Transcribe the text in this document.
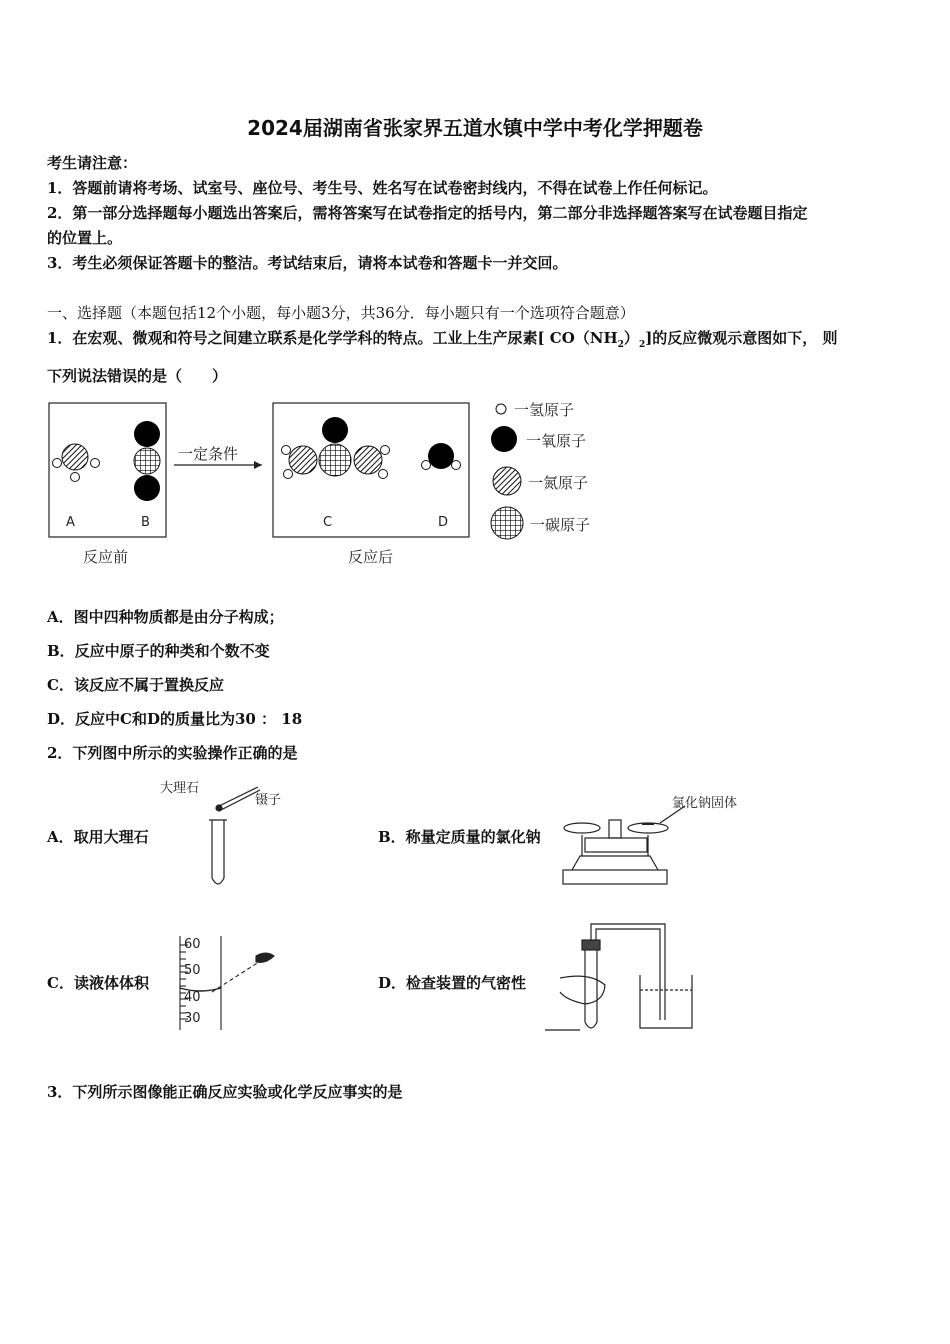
2024届湖南省张家界五道水镇中学中考化学押题卷
考生请注意：
1．答题前请将考场、试室号、座位号、考生号、姓名写在试卷密封线内，不得在试卷上作任何标记。
2．第一部分选择题每小题选出答案后，需将答案写在试卷指定的括号内，第二部分非选择题答案写在试卷题目指定
的位置上。
3．考生必须保证答题卡的整洁。考试结束后，请将本试卷和答题卡一并交回。
一、选择题（本题包括12个小题，每小题3分，共36分．每小题只有一个选项符合题意）
1．在宏观、微观和符号之间建立联系是化学学科的特点。工业上生产尿素[ $CO(NH_2)_2$]的反应微观示意图如下， 则
下列说法错误的是（　　）
一定条件
A	B	C	D
反应前	反应后
一氢原子
一氧原子
一氮原子
一碳原子
A．图中四种物质都是由分子构成；
B．反应中原子的种类和个数不变
C．该反应不属于置换反应
D．反应中C和D的质量比为30 ： 18
2．下列图中所示的实验操作正确的是
A．取用大理石
大理石
镊子
B．称量定质量的氯化钠
氯化钠固体
C．读液体体积
60
50
40
30
D．检查装置的气密性
3．下列所示图像能正确反应实验或化学反应事实的是
